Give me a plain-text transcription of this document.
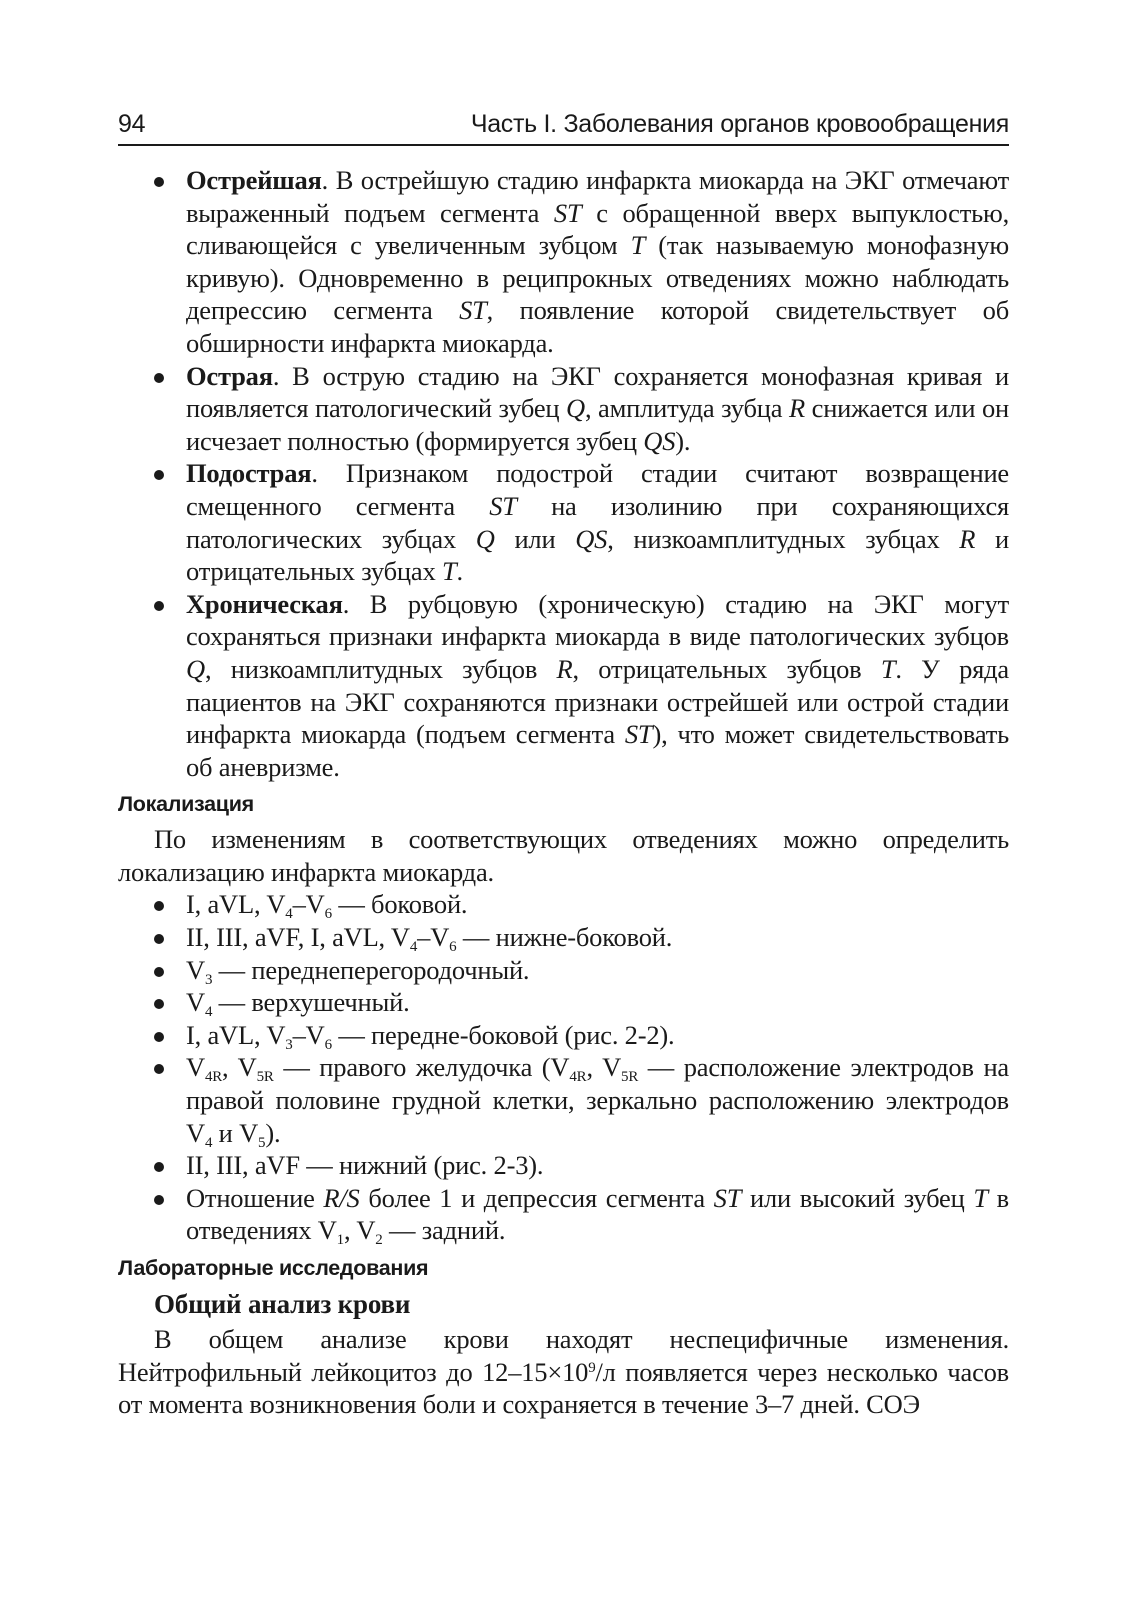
94	Часть I. Заболевания органов кровообращения
Острейшая. В острейшую стадию инфаркта миокарда на ЭКГ отмечают выраженный подъем сегмента ST с обращенной вверх выпуклостью, сливающейся с увеличенным зубцом T (так называемую монофазную кривую). Одновременно в реципрокных отведениях можно наблюдать депрессию сегмента ST, появление которой свидетельствует об обширности инфаркта миокарда.
Острая. В острую стадию на ЭКГ сохраняется монофазная кривая и появляется патологический зубец Q, амплитуда зубца R снижается или он исчезает полностью (формируется зубец QS).
Подострая. Признаком подострой стадии считают возвращение смещенного сегмента ST на изолинию при сохраняющихся патологических зубцах Q или QS, низкоамплитудных зубцах R и отрицательных зубцах T.
Хроническая. В рубцовую (хроническую) стадию на ЭКГ могут сохраняться признаки инфаркта миокарда в виде патологических зубцов Q, низкоамплитудных зубцов R, отрицательных зубцов T. У ряда пациентов на ЭКГ сохраняются признаки острейшей или острой стадии инфаркта миокарда (подъем сегмента ST), что может свидетельствовать об аневризме.
Локализация

По изменениям в соответствующих отведениях можно определить локализацию инфаркта миокарда.

I, aVL, $V_4-V_6$ — боковой.
II, III, aVF, I, aVL, $V_4-V_6$ — нижне-боковой.
$V_3$ — переднеперегородочный.
$V_4$ — верхушечный.
I, aVL, $V_3-V_6$ — передне-боковой (рис. 2-2).
$V_{4R}$, $V_{5R}$ — правого желудочка ($V_{4R}$, $V_{5R}$ — расположение электродов на правой половине грудной клетки, зеркально расположению электродов $V_4$ и $V_5$).
II, III, aVF — нижний (рис. 2-3).
Отношение R/S более 1 и депрессия сегмента ST или высокий зубец T в отведениях $V_1$, $V_2$ — задний.
Лабораторные исследования
Общий анализ крови

В общем анализе крови находят неспецифичные изменения. Нейтрофильный лейкоцитоз до $12-15\times 10^9/л$ появляется через несколько часов от момента возникновения боли и сохраняется в течение 3–7 дней. СОЭ
